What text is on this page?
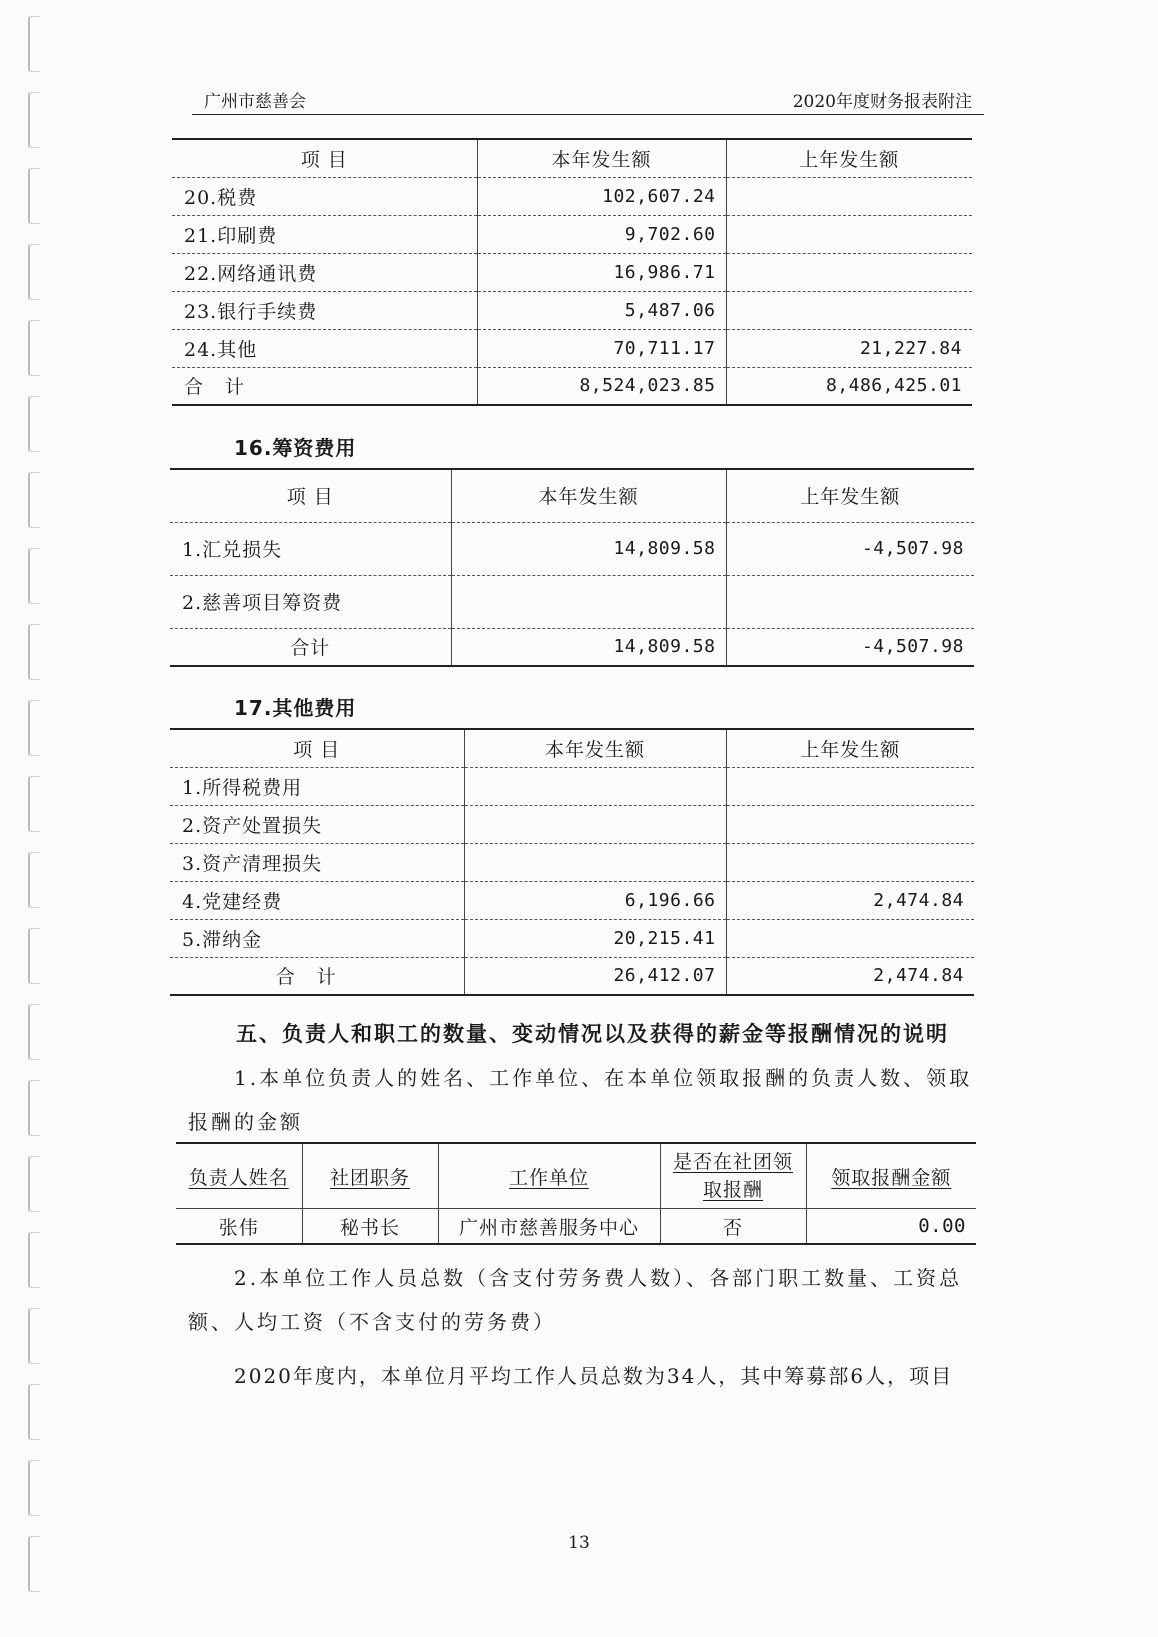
广州市慈善会	2020年度财务报表附注
项 目	本年发生额	上年发生额
20.税费	102,607.24	
21.印刷费	9,702.60	
22.网络通讯费	16,986.71	
23.银行手续费	5,487.06	
24.其他	70,711.17	21,227.84
合计	8,524,023.85	8,486,425.01
16.筹资费用
项 目	本年发生额	上年发生额
1.汇兑损失	14,809.58	-4,507.98
2.慈善项目筹资费		
合计	14,809.58	-4,507.98
17.其他费用
项 目	本年发生额	上年发生额
1.所得税费用		
2.资产处置损失		
3.资产清理损失		
4.党建经费	6,196.66	2,474.84
5.滞纳金	20,215.41	
合计	26,412.07	2,474.84
五、负责人和职工的数量、变动情况以及获得的薪金等报酬情况的说明
1.本单位负责人的姓名、工作单位、在本单位领取报酬的负责人数、领取报酬的金额
负责人姓名	社团职务	工作单位	是否在社团领取报酬	领取报酬金额
张伟	秘书长	广州市慈善服务中心	否	0.00
2.本单位工作人员总数（含支付劳务费人数）、各部门职工数量、工资总额、人均工资（不含支付的劳务费）
2020年度内，本单位月平均工作人员总数为34人，其中筹募部6人，项目
13
